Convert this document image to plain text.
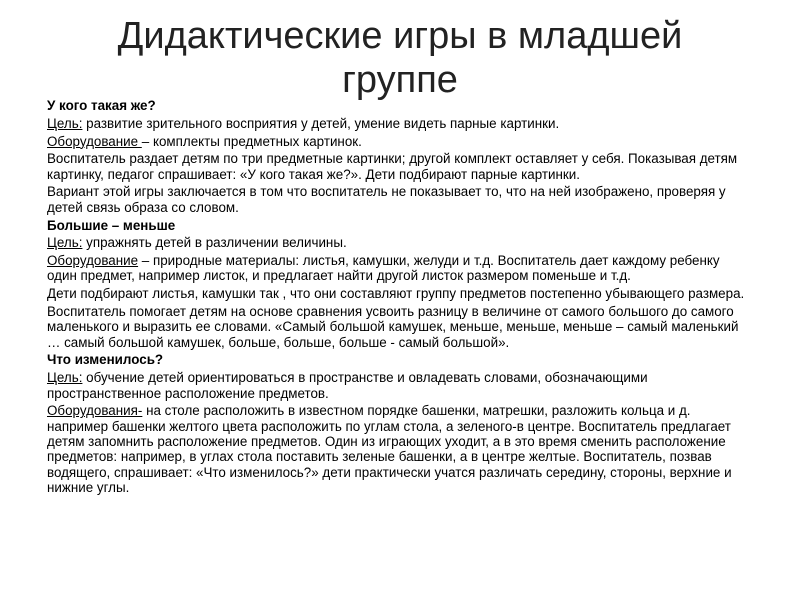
Дидактические игры в младшей
группе

У кого такая же?

Цель: развитие зрительного восприятия у детей, умение видеть парные картинки.

Оборудование – комплекты предметных картинок.

Воспитатель раздает детям по три предметные картинки; другой комплект оставляет у себя. Показывая детям картинку, педагог спрашивает: «У кого такая же?». Дети подбирают парные картинки.

Вариант этой игры заключается в том что воспитатель не показывает то, что на ней изображено, проверяя у детей связь образа со словом.

Большие – меньше

Цель: упражнять детей в различении величины.

Оборудование – природные материалы: листья, камушки, желуди и т.д. Воспитатель дает каждому ребенку один предмет, например листок, и предлагает найти другой листок размером поменьше и т.д.

Дети подбирают листья, камушки так , что они составляют группу предметов постепенно убывающего размера.

Воспитатель помогает детям на основе сравнения усвоить разницу в величине от самого большого до самого маленького и выразить ее словами. «Самый большой камушек, меньше, меньше, меньше – самый маленький … самый большой камушек, больше, больше, больше - самый большой».

Что изменилось?

Цель: обучение детей ориентироваться в пространстве и овладевать словами, обозначающими пространственное расположение предметов.

Оборудования- на столе расположить в известном порядке башенки, матрешки, разложить кольца и д. например башенки желтого цвета расположить по углам стола, а зеленого-в центре. Воспитатель предлагает детям запомнить расположение предметов. Один из играющих уходит, а в это время сменить расположение предметов: например, в углах стола поставить зеленые башенки, а в центре желтые. Воспитатель, позвав водящего, спрашивает: «Что изменилось?» дети практически учатся различать середину, стороны, верхние и нижние углы.
